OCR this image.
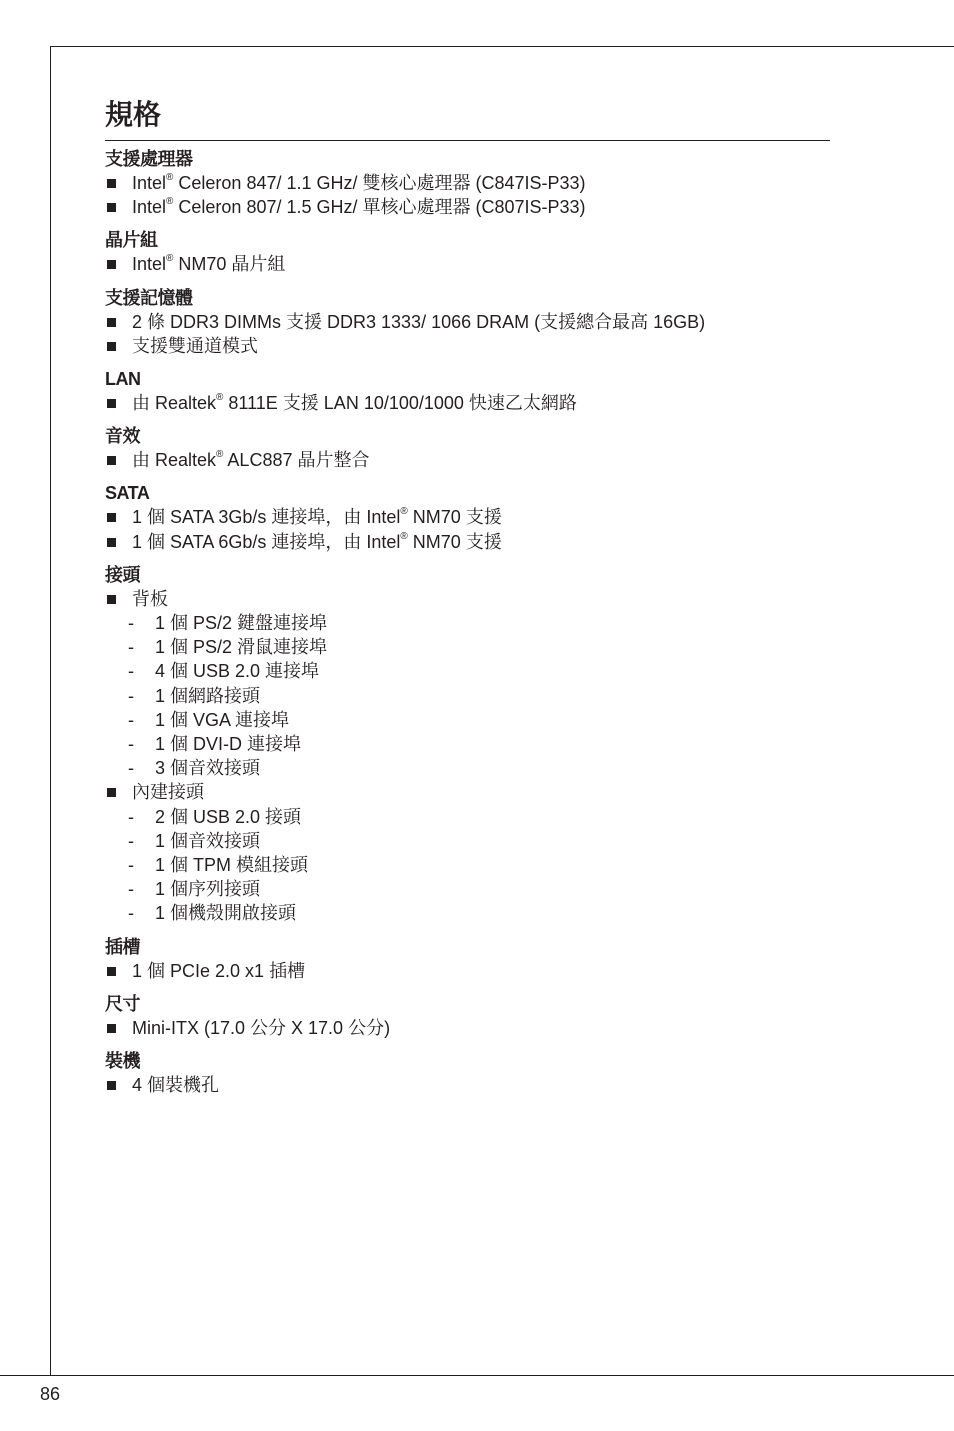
規格
支援處理器
Intel® Celeron 847/ 1.1 GHz/ 雙核心處理器 (C847IS-P33)
Intel® Celeron 807/ 1.5 GHz/ 單核心處理器 (C807IS-P33)
晶片組
Intel® NM70 晶片組
支援記憶體
2 條 DDR3 DIMMs 支援 DDR3 1333/ 1066 DRAM (支援總合最高 16GB)
支援雙通道模式
LAN
由 Realtek® 8111E 支援 LAN 10/100/1000 快速乙太網路
音效
由 Realtek® ALC887 晶片整合
SATA
1 個 SATA 3Gb/s 連接埠，由 Intel® NM70 支援
1 個 SATA 6Gb/s 連接埠，由 Intel® NM70 支援
接頭
背板
- 1 個 PS/2 鍵盤連接埠
- 1 個 PS/2 滑鼠連接埠
- 4 個 USB 2.0 連接埠
- 1 個網路接頭
- 1 個 VGA 連接埠
- 1 個 DVI-D 連接埠
- 3 個音效接頭
內建接頭
- 2 個 USB 2.0 接頭
- 1 個音效接頭
- 1 個 TPM 模組接頭
- 1 個序列接頭
- 1 個機殼開啟接頭
插槽
1 個 PCIe 2.0 x1 插槽
尺寸
Mini-ITX (17.0 公分 X 17.0 公分)
裝機
4 個裝機孔
86
